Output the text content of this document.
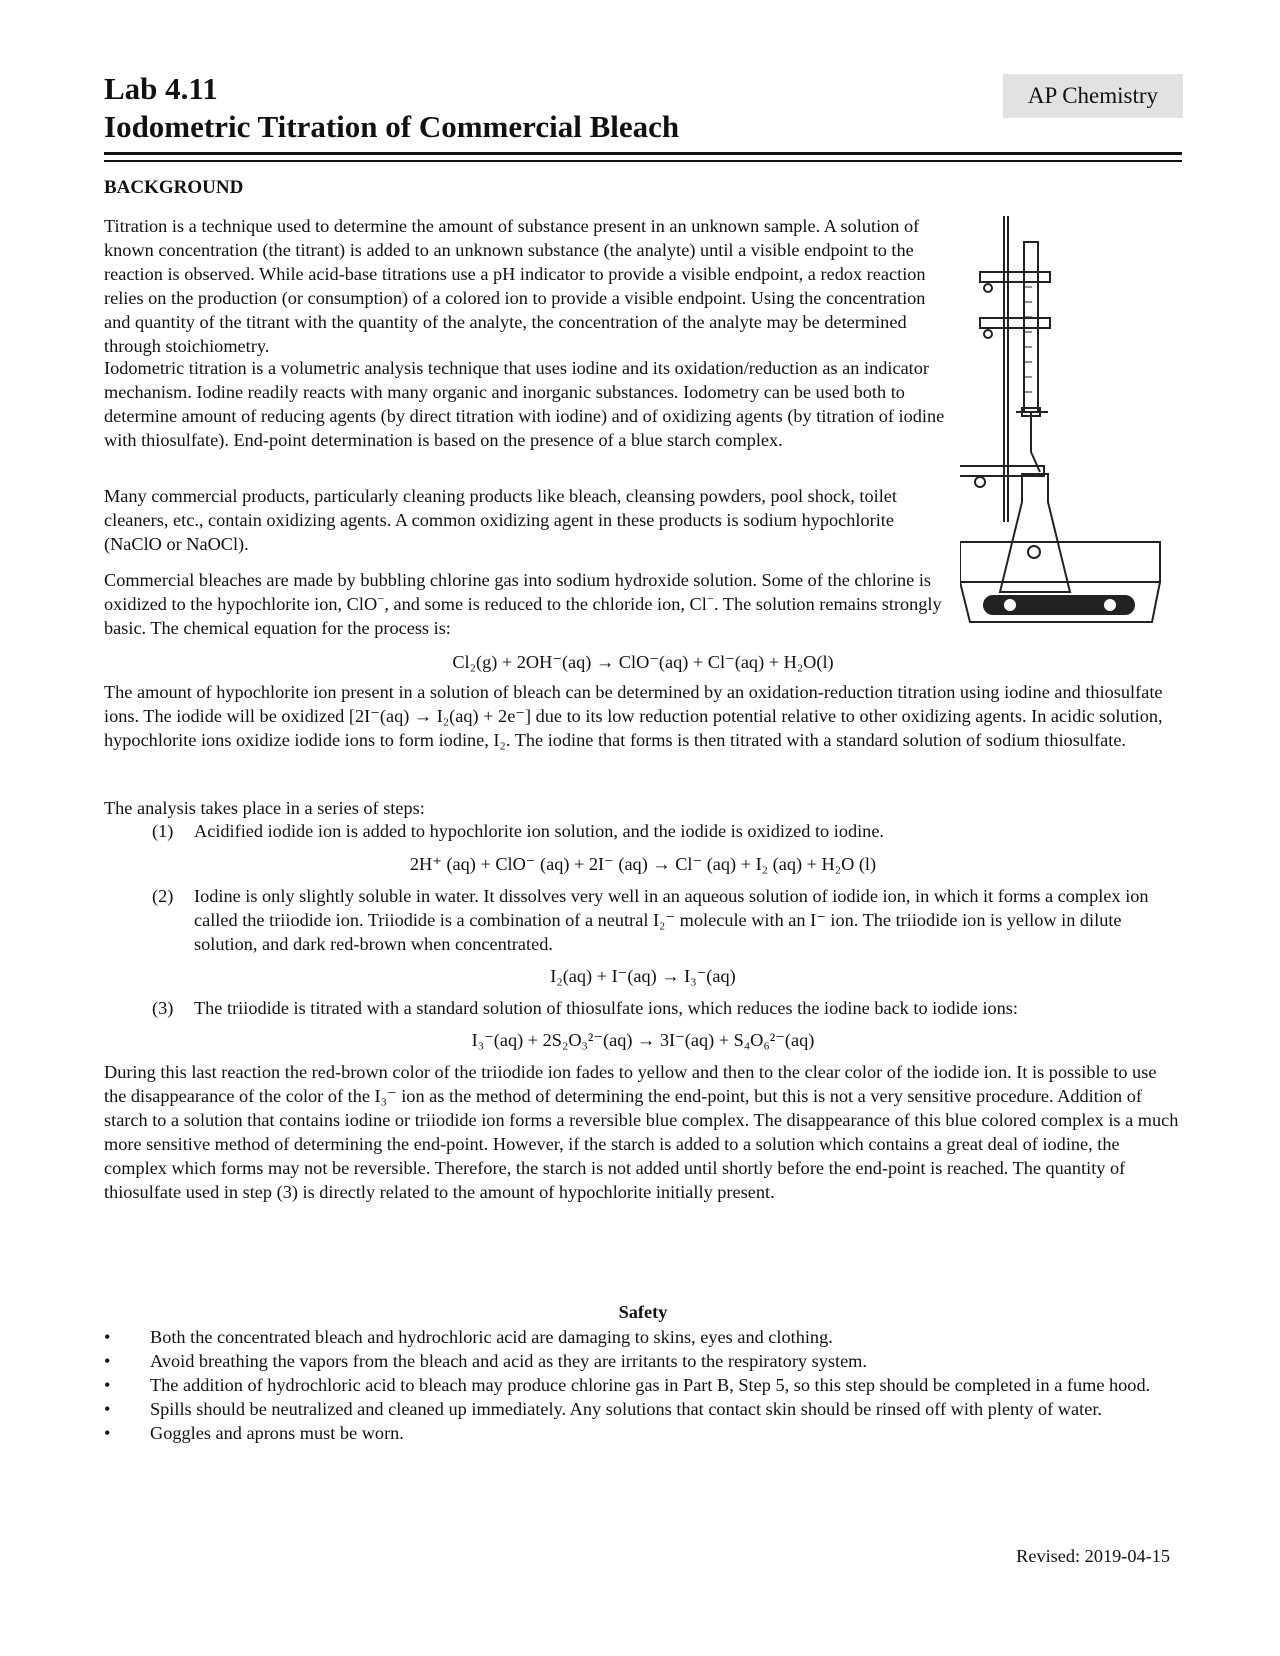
Lab 4.11

Iodometric Titration of Commercial Bleach

AP Chemistry
BACKGROUND

Titration is a technique used to determine the amount of substance present in an unknown sample. A solution of known concentration (the titrant) is added to an unknown substance (the analyte) until a visible endpoint to the reaction is observed. While acid-base titrations use a pH indicator to provide a visible endpoint, a redox reaction relies on the production (or consumption) of a colored ion to provide a visible endpoint. Using the concentration and quantity of the titrant with the quantity of the analyte, the concentration of the analyte may be determined through stoichiometry.

Iodometric titration is a volumetric analysis technique that uses iodine and its oxidation/reduction as an indicator mechanism. Iodine readily reacts with many organic and inorganic substances. Iodometry can be used both to determine amount of reducing agents (by direct titration with iodine) and of oxidizing agents (by titration of iodine with thiosulfate). End-point determination is based on the presence of a blue starch complex.

Many commercial products, particularly cleaning products like bleach, cleansing powders, pool shock, toilet cleaners, etc., contain oxidizing agents. A common oxidizing agent in these products is sodium hypochlorite (NaClO or NaOCl).

Commercial bleaches are made by bubbling chlorine gas into sodium hydroxide solution. Some of the chlorine is oxidized to the hypochlorite ion, ClO−, and some is reduced to the chloride ion, Cl−. The solution remains strongly basic. The chemical equation for the process is:

Cl₂(g) + 2OH⁻(aq) → ClO⁻(aq) + Cl⁻(aq) + H₂O(l)

The amount of hypochlorite ion present in a solution of bleach can be determined by an oxidation-reduction titration using iodine and thiosulfate ions. The iodide will be oxidized [2I⁻(aq) → I₂(aq) + 2e⁻] due to its low reduction potential relative to other oxidizing agents. In acidic solution, hypochlorite ions oxidize iodide ions to form iodine, I₂. The iodine that forms is then titrated with a standard solution of sodium thiosulfate.

The analysis takes place in a series of steps:

(1) Acidified iodide ion is added to hypochlorite ion solution, and the iodide is oxidized to iodine.
2H⁺ (aq) + ClO⁻ (aq) + 2I⁻ (aq) → Cl⁻ (aq) + I₂ (aq) + H₂O (l)
(2) Iodine is only slightly soluble in water. It dissolves very well in an aqueous solution of iodide ion, in which it forms a complex ion called the triiodide ion. Triiodide is a combination of a neutral I₂⁻ molecule with an I⁻ ion. The triiodide ion is yellow in dilute solution, and dark red-brown when concentrated.
I₂(aq) + I⁻(aq) → I₃⁻(aq)
(3) The triiodide is titrated with a standard solution of thiosulfate ions, which reduces the iodine back to iodide ions:
I₃⁻(aq) + 2S₂O₃²⁻(aq) → 3I⁻(aq) + S₄O₆²⁻(aq)

During this last reaction the red-brown color of the triiodide ion fades to yellow and then to the clear color of the iodide ion. It is possible to use the disappearance of the color of the I₃⁻ ion as the method of determining the end-point, but this is not a very sensitive procedure. Addition of starch to a solution that contains iodine or triiodide ion forms a reversible blue complex. The disappearance of this blue colored complex is a much more sensitive method of determining the end-point. However, if the starch is added to a solution which contains a great deal of iodine, the complex which forms may not be reversible. Therefore, the starch is not added until shortly before the end-point is reached. The quantity of thiosulfate used in step (3) is directly related to the amount of hypochlorite initially present.

Safety
• Both the concentrated bleach and hydrochloric acid are damaging to skins, eyes and clothing.
• Avoid breathing the vapors from the bleach and acid as they are irritants to the respiratory system.
• The addition of hydrochloric acid to bleach may produce chlorine gas in Part B, Step 5, so this step should be completed in a fume hood.
• Spills should be neutralized and cleaned up immediately. Any solutions that contact skin should be rinsed off with plenty of water.
• Goggles and aprons must be worn.
Revised: 2019-04-15
